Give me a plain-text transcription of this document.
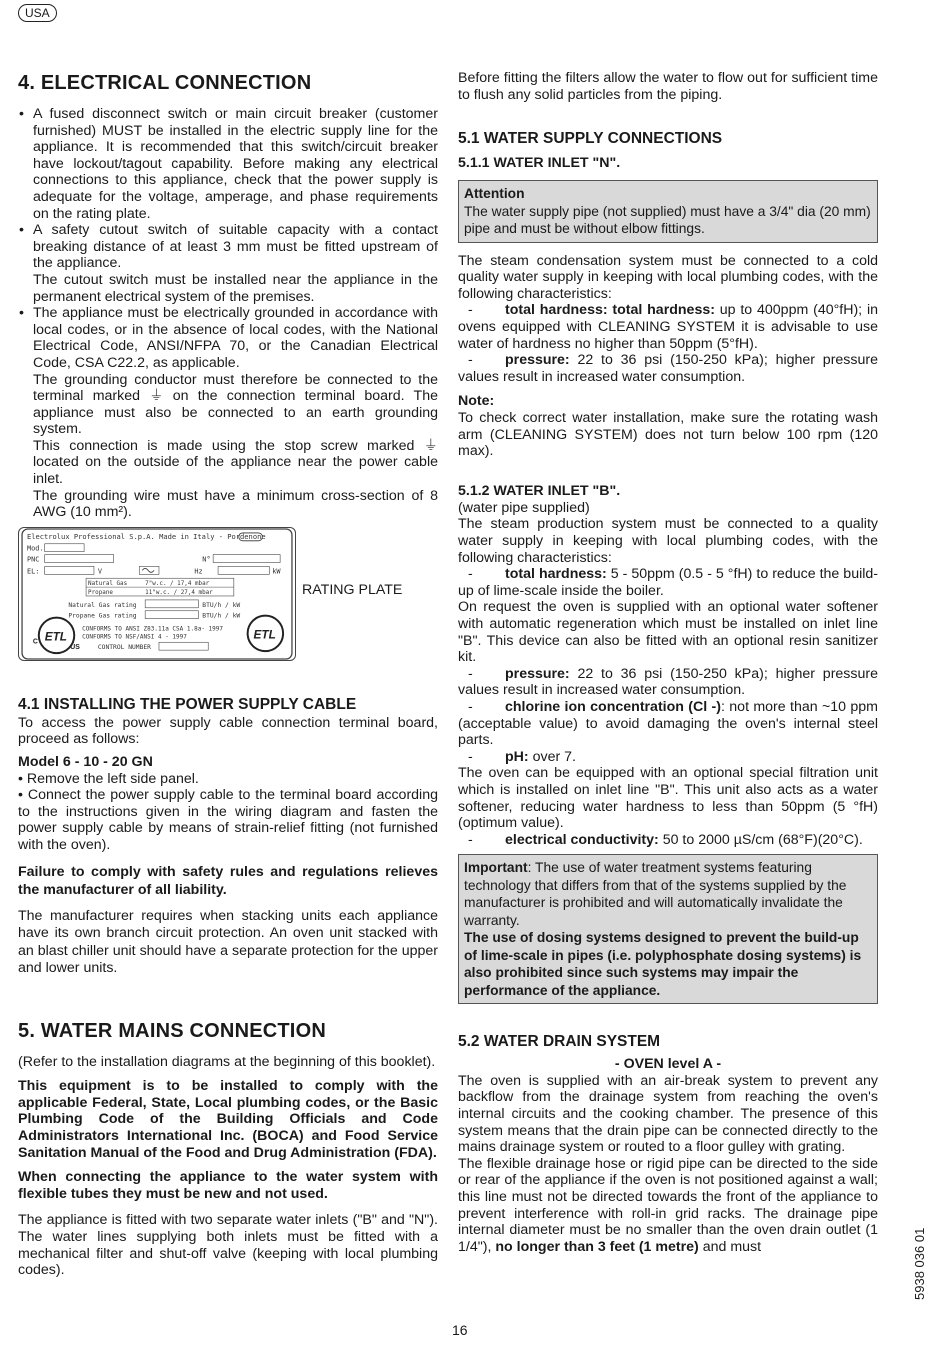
USA
4. ELECTRICAL CONNECTION
• A fused disconnect switch or main circuit breaker (customer furnished) MUST be installed in the electric supply line for the appliance. It is recommended that this switch/circuit breaker have lockout/tagout capability. Before making any electrical connections to this appliance, check that the power supply is adequate for the voltage, amperage, and phase requirements on the rating plate.
• A safety cutout switch of suitable capacity with a contact breaking distance of at least 3 mm must be fitted upstream of the appliance.
The cutout switch must be installed near the appliance in the permanent electrical system of the premises.
• The appliance must be electrically grounded in accordance with local codes, or in the absence of local codes, with the National Electrical Code, ANSI/NFPA 70, or the Canadian Electrical Code, CSA C22.2, as applicable.
The grounding conductor must therefore be connected to the terminal marked ⏚ on the connection terminal board. The appliance must also be connected to an earth grounding system.
This connection is made using the stop screw marked ⏚ located on the outside of the appliance near the power cable inlet.
The grounding wire must have a minimum cross-section of 8 AWG (10 mm²).
Electrolux Professional S.p.A. Made in Italy - Pordenone
Mod.
PNC	N°
EL:	V	Hz	kW
Natural Gas	7"w.c. / 17,4 mbar
Propane	11"w.c. / 27,4 mbar
Natural Gas rating	BTU/h / kW
Propane Gas rating	BTU/h / kW
CONFORMS TO ANSI Z83.11a CSA 1.8a- 1997
CONFORMS TO NSF/ANSI 4 - 1997
CONTROL NUMBER
ETL
C
US
ETL
RATING PLATE
4.1 INSTALLING THE POWER SUPPLY CABLE

To access the power supply cable connection terminal board, proceed as follows:

Model 6 - 10 - 20 GN

• Remove the left side panel.

• Connect the power supply cable to the terminal board according to the instructions given in the wiring diagram and fasten the power supply cable by means of strain-relief fitting (not furnished with the oven).

Failure to comply with safety rules and regulations relieves the manufacturer of all liability.

The manufacturer requires when stacking units each appliance have its own branch circuit protection. An oven unit stacked with an blast chiller unit should have a separate protection for the upper and lower units.

5. WATER MAINS CONNECTION

(Refer to the installation diagrams at the beginning of this booklet).

This equipment is to be installed to comply with the applicable Federal, State, Local plumbing codes, or the Basic Plumbing Code of the Building Officials and Code Administrators International Inc. (BOCA) and Food Service Sanitation Manual of the Food and Drug Administration (FDA).

When connecting the appliance to the water system with flexible tubes they must be new and not used.

The appliance is fitted with two separate water inlets ("B" and "N"). The water lines supplying both inlets must be fitted with a mechanical filter and shut-off valve (keeping with local plumbing codes).

Before fitting the filters allow the water to flow out for sufficient time to flush any solid particles from the piping.

5.1 WATER SUPPLY CONNECTIONS
5.1.1 WATER INLET "N".
Attention
The water supply pipe (not supplied) must have a 3/4" dia (20 mm) pipe and must be without elbow fittings.

The steam condensation system must be connected to a cold quality water supply in keeping with local plumbing codes, with the following characteristics:

- total hardness: total hardness: up to 400ppm (40°fH); in ovens equipped with CLEANING SYSTEM it is advisable to use water of hardness no higher than 50ppm (5°fH).

- pressure: 22 to 36 psi (150-250 kPa); higher pressure values result in increased water consumption.

Note:

To check correct water installation, make sure the rotating wash arm (CLEANING SYSTEM) does not turn below 100 rpm (120 max).

5.1.2 WATER INLET "B".

(water pipe supplied)

The steam production system must be connected to a quality water supply in keeping with local plumbing codes, with the following characteristics:

- total hardness: 5 - 50ppm (0.5 - 5 °fH) to reduce the build-up of lime-scale inside the boiler.

On request the oven is supplied with an optional water softener with automatic regeneration which must be installed on inlet line "B". This device can also be fitted with an optional resin sanitizer kit.

- pressure: 22 to 36 psi (150-250 kPa); higher pressure values result in increased water consumption.

- chlorine ion concentration (Cl -): not more than ~10 ppm (acceptable value) to avoid damaging the oven's internal steel parts.

- pH: over 7.

The oven can be equipped with an optional special filtration unit which is installed on inlet line "B". This unit also acts as a water softener, reducing water hardness to less than 50ppm (5 °fH) (optimum value).

- electrical conductivity: 50 to 2000 µS/cm (68°F)(20°C).

Important: The use of water treatment systems featuring technology that differs from that of the systems supplied by the manufacturer is prohibited and will automatically invalidate the warranty.
The use of dosing systems designed to prevent the build-up of lime-scale in pipes (i.e. polyphosphate dosing systems) is also prohibited since such systems may impair the performance of the appliance.
5.2 WATER DRAIN SYSTEM

- OVEN level A -

The oven is supplied with an air-break system to prevent any backflow from the drainage system from reaching the oven's internal circuits and the cooking chamber. The presence of this system means that the drain pipe can be connected directly to the mains drainage system or routed to a floor gulley with grating.

The flexible drainage hose or rigid pipe can be directed to the side or rear of the appliance if the oven is not positioned against a wall; this line must not be directed towards the front of the appliance to prevent interference with roll-in grid racks. The drainage pipe internal diameter must be no smaller than the oven drain outlet (1 1/4"), no longer than 3 feet (1 metre) and must

16
5938 036 01
